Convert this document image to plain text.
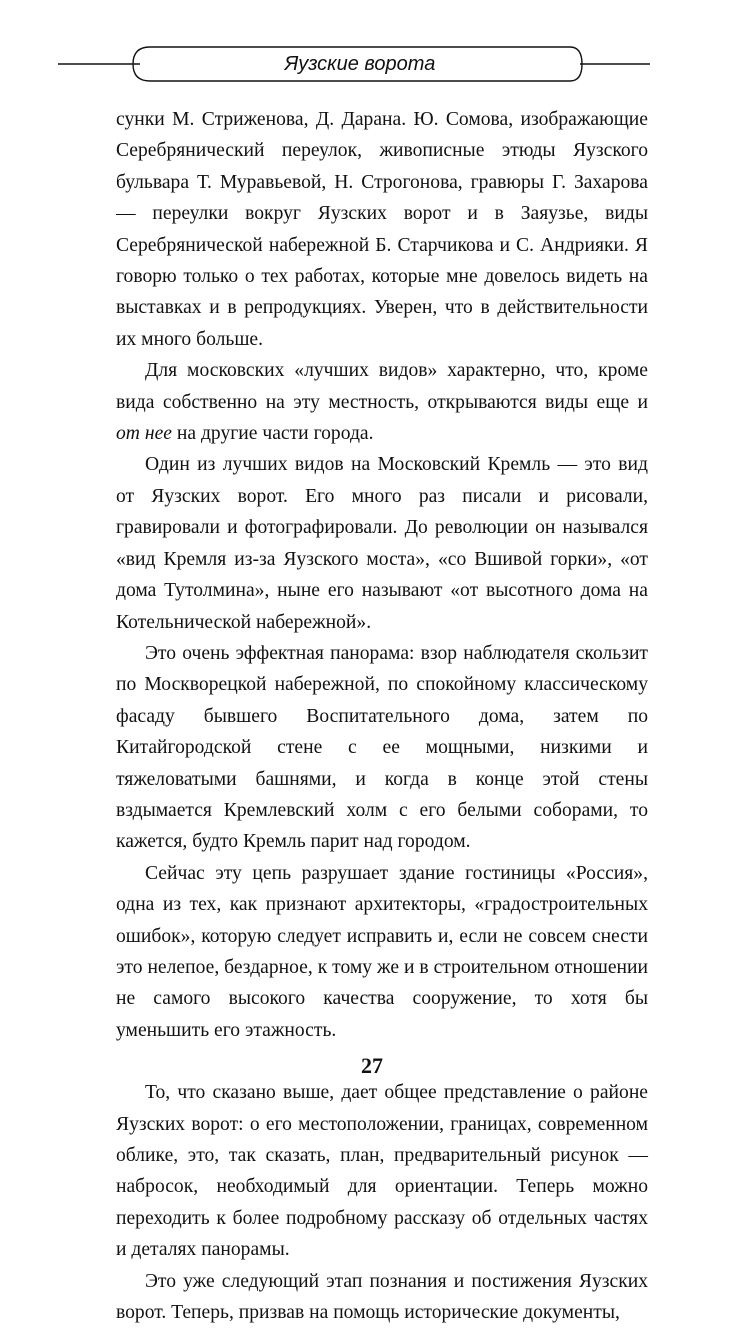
Яузские ворота

сунки М. Стриженова, Д. Дарана. Ю. Сомова, изображающие Серебрянический переулок, живописные этюды Яузского бульвара Т. Муравьевой, Н. Строгонова, гравюры Г. Захарова — переулки вокруг Яузских ворот и в Заяузье, виды Серебрянической набережной Б. Старчикова и С. Андрияки. Я говорю только о тех работах, которые мне довелось видеть на выставках и в репродукциях. Уверен, что в действительности их много больше.

Для московских «лучших видов» характерно, что, кроме вида собственно на эту местность, открываются виды еще и от нее на другие части города.

Один из лучших видов на Московский Кремль — это вид от Яузских ворот. Его много раз писали и рисовали, гравировали и фотографировали. До революции он назывался «вид Кремля из-за Яузского моста», «со Вшивой горки», «от дома Тутолмина», ныне его называют «от высотного дома на Котельнической набережной».

Это очень эффектная панорама: взор наблюдателя скользит по Москворецкой набережной, по спокойному классическому фасаду бывшего Воспитательного дома, затем по Китайгородской стене с ее мощными, низкими и тяжеловатыми башнями, и когда в конце этой стены вздымается Кремлевский холм с его белыми соборами, то кажется, будто Кремль парит над городом.

Сейчас эту цепь разрушает здание гостиницы «Россия», одна из тех, как признают архитекторы, «градостроительных ошибок», которую следует исправить и, если не совсем снести это нелепое, бездарное, к тому же и в строительном отношении не самого высокого качества сооружение, то хотя бы уменьшить его этажность.

То, что сказано выше, дает общее представление о районе Яузских ворот: о его местоположении, границах, современном облике, это, так сказать, план, предварительный рисунок — набросок, необходимый для ориентации. Теперь можно переходить к более подробному рассказу об отдельных частях и деталях панорамы.

Это уже следующий этап познания и постижения Яузских ворот. Теперь, призвав на помощь исторические документы,

27
